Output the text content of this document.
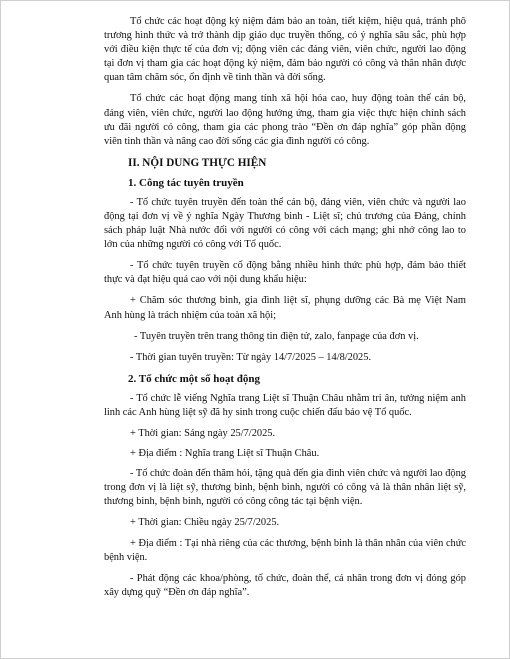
Tổ chức các hoạt động kỷ niệm đảm bảo an toàn, tiết kiệm, hiệu quả, tránh phô trương hình thức và trở thành dịp giáo dục truyền thống, có ý nghĩa sâu sắc, phù hợp với điều kiện thực tế của đơn vị; động viên các đảng viên, viên chức, người lao động tại đơn vị tham gia các hoạt động kỷ niệm, đảm bảo người có công và thân nhân được quan tâm chăm sóc, ổn định về tinh thần và đời sống.

Tổ chức các hoạt động mang tính xã hội hóa cao, huy động toàn thể cán bộ, đảng viên, viên chức, người lao động hưởng ứng, tham gia việc thực hiện chính sách ưu đãi người có công, tham gia các phong trào “Đền ơn đáp nghĩa” góp phần động viên tinh thần và nâng cao đời sống các gia đình người có công.

II. NỘI DUNG THỰC HIỆN
1. Công tác tuyên truyền

- Tổ chức tuyên truyền đến toàn thể cán bộ, đảng viên, viên chức và người lao động tại đơn vị về ý nghĩa Ngày Thương binh - Liệt sĩ; chủ trương của Đảng, chính sách pháp luật Nhà nước đối với người có công với cách mạng; ghi nhớ công lao to lớn của những người có công với Tổ quốc.

- Tổ chức tuyên truyền cổ động bằng nhiều hình thức phù hợp, đảm bảo thiết thực và đạt hiệu quả cao với nội dung khẩu hiệu:

+ Chăm sóc thương binh, gia đình liệt sĩ, phụng dưỡng các Bà mẹ Việt Nam Anh hùng là trách nhiệm của toàn xã hội;

- Tuyên truyền trên trang thông tin điện tử, zalo, fanpage của đơn vị.

- Thời gian tuyên truyền: Từ ngày 14/7/2025 – 14/8/2025.

2. Tổ chức một số hoạt động

- Tổ chức lễ viếng Nghĩa trang Liệt sĩ Thuận Châu nhằm tri ân, tưởng niệm anh linh các Anh hùng liệt sỹ đã hy sinh trong cuộc chiến đấu bảo vệ Tổ quốc.

+ Thời gian: Sáng ngày 25/7/2025.

+ Địa điểm : Nghĩa trang Liệt sĩ Thuận Châu.

- Tổ chức đoàn đến thăm hỏi, tặng quà đến gia đình viên chức và người lao động trong đơn vị là liệt sỹ, thương binh, bệnh binh, người có công và là thân nhân liệt sỹ, thương binh, bệnh binh, người có công công tác tại bệnh viện.

+ Thời gian: Chiều ngày 25/7/2025.

+ Địa điểm : Tại nhà riêng của các thương, bệnh binh là thân nhân của viên chức bệnh viện.

- Phát động các khoa/phòng, tổ chức, đoàn thể, cá nhân trong đơn vị đóng góp xây dựng quỹ “Đền ơn đáp nghĩa”.
